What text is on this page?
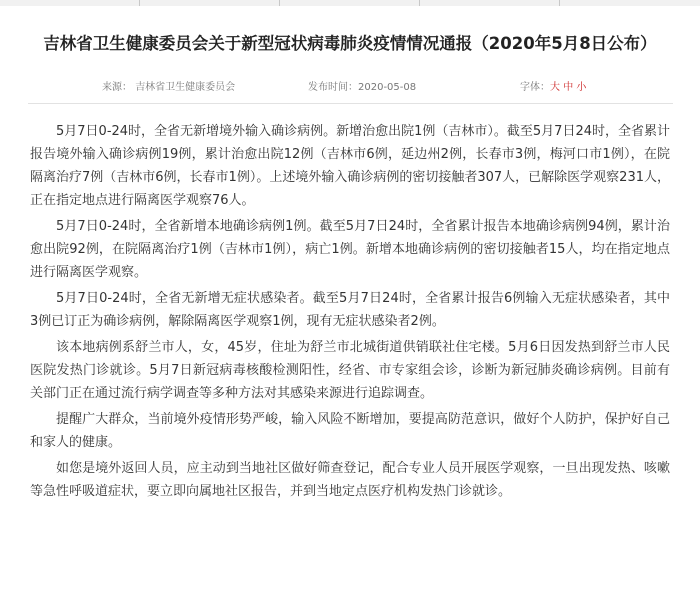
吉林省卫生健康委员会关于新型冠状病毒肺炎疫情情况通报（2020年5月8日公布）
来源： 吉林省卫生健康委员会	发布时间：2020-05-08	字体：大 中 小

5月7日0-24时，全省无新增境外输入确诊病例。新增治愈出院1例（吉林市）。截至5月7日24时，全省累计报告境外输入确诊病例19例，累计治愈出院12例（吉林市6例，延边州2例，长春市3例，梅河口市1例），在院隔离治疗7例（吉林市6例，长春市1例）。上述境外输入确诊病例的密切接触者307人，已解除医学观察231人，正在指定地点进行隔离医学观察76人。

5月7日0-24时，全省新增本地确诊病例1例。截至5月7日24时，全省累计报告本地确诊病例94例，累计治愈出院92例，在院隔离治疗1例（吉林市1例），病亡1例。新增本地确诊病例的密切接触者15人，均在指定地点进行隔离医学观察。

5月7日0-24时，全省无新增无症状感染者。截至5月7日24时，全省累计报告6例输入无症状感染者，其中3例已订正为确诊病例，解除隔离医学观察1例，现有无症状感染者2例。

该本地病例系舒兰市人，女，45岁，住址为舒兰市北城街道供销联社住宅楼。5月6日因发热到舒兰市人民医院发热门诊就诊。5月7日新冠病毒核酸检测阳性，经省、市专家组会诊，诊断为新冠肺炎确诊病例。目前有关部门正在通过流行病学调查等多种方法对其感染来源进行追踪调查。

提醒广大群众，当前境外疫情形势严峻，输入风险不断增加，要提高防范意识，做好个人防护，保护好自己和家人的健康。

如您是境外返回人员，应主动到当地社区做好筛查登记，配合专业人员开展医学观察，一旦出现发热、咳嗽等急性呼吸道症状，要立即向属地社区报告，并到当地定点医疗机构发热门诊就诊。
